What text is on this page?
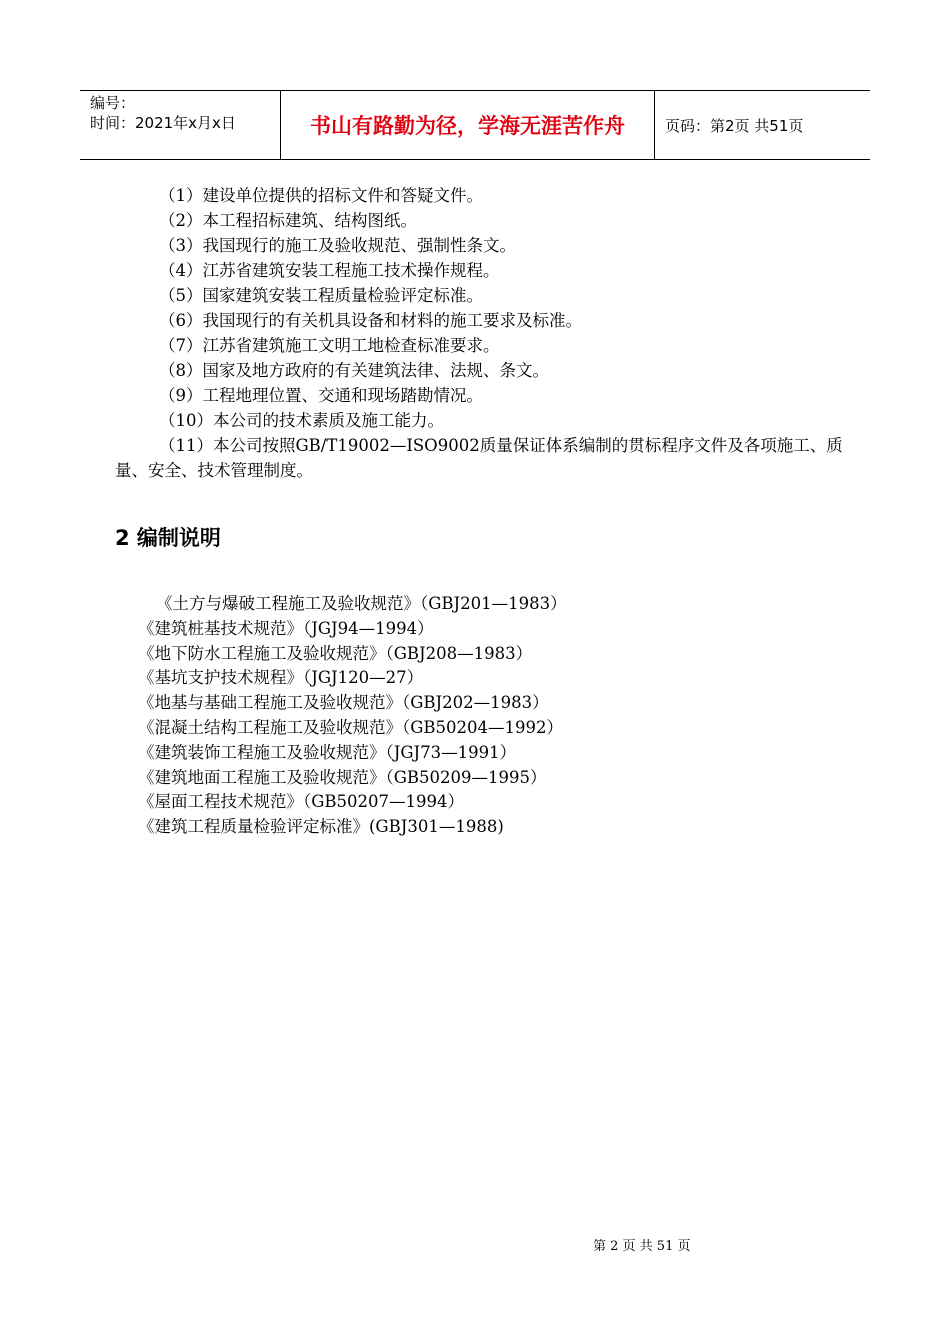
编号：
时间：2021年x月x日	书山有路勤为径，学海无涯苦作舟	页码：第2页 共51页

（1）建设单位提供的招标文件和答疑文件。

（2）本工程招标建筑、结构图纸。

（3）我国现行的施工及验收规范、强制性条文。

（4）江苏省建筑安装工程施工技术操作规程。

（5）国家建筑安装工程质量检验评定标准。

（6）我国现行的有关机具设备和材料的施工要求及标准。

（7）江苏省建筑施工文明工地检查标准要求。

（8）国家及地方政府的有关建筑法律、法规、条文。

（9）工程地理位置、交通和现场踏勘情况。

（10）本公司的技术素质及施工能力。

（11）本公司按照GB/T19002—ISO9002质量保证体系编制的贯标程序文件及各项施工、质量、安全、技术管理制度。

2 编制说明
《土方与爆破工程施工及验收规范》（GBJ201—1983）
《建筑桩基技术规范》（JGJ94—1994）
《地下防水工程施工及验收规范》（GBJ208—1983）
《基坑支护技术规程》（JGJ120—27）
《地基与基础工程施工及验收规范》（GBJ202—1983）
《混凝土结构工程施工及验收规范》（GB50204—1992）
《建筑装饰工程施工及验收规范》（JGJ73—1991）
《建筑地面工程施工及验收规范》（GB50209—1995）
《屋面工程技术规范》（GB50207—1994）
《建筑工程质量检验评定标准》(GBJ301—1988)
第 2 页 共 51 页
